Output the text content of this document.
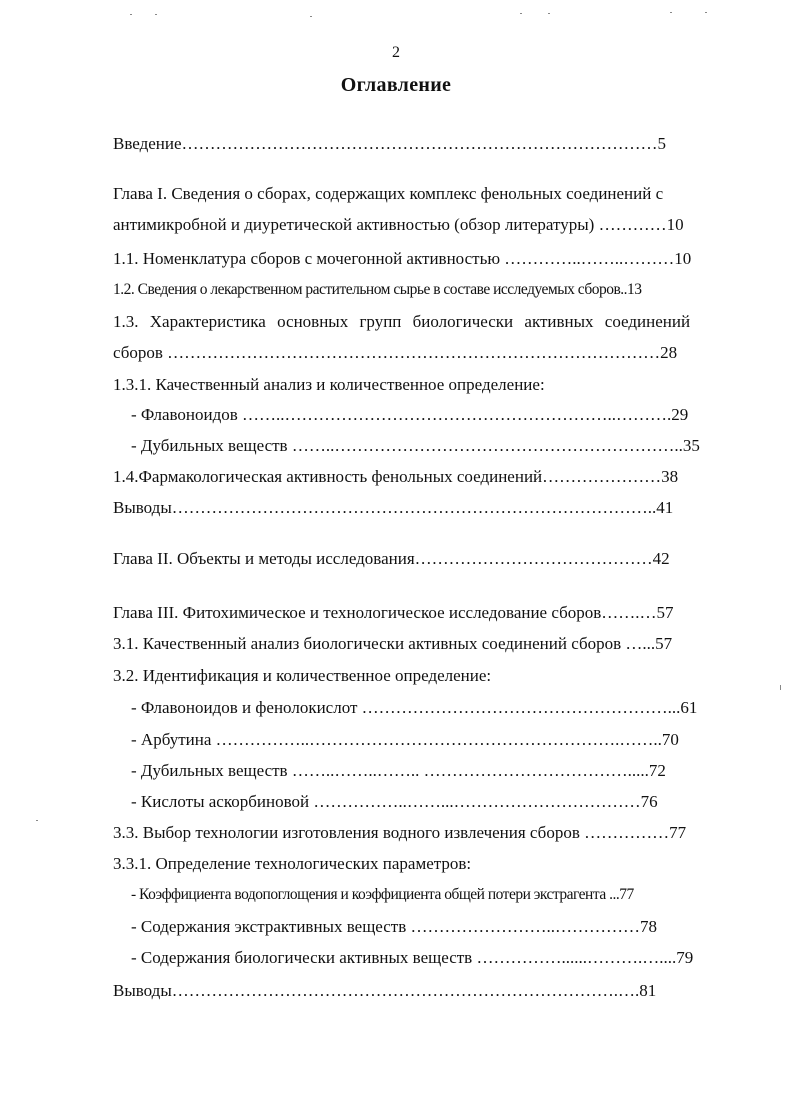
2
Оглавление
Введение…………………………………………………………………………5
Глава I. Сведения о сборах, содержащих комплекс фенольных соединений с
антимикробной и диуретической активностью (обзор литературы) …………10
1.1. Номенклатура сборов с мочегонной активностью …………..……..………10
1.2. Сведения о лекарственном растительном сырье в составе исследуемых сборов..13
1.3. Характеристика основных групп биологически активных соединений
сборов ……………………………………………………………………………28
1.3.1. Качественный анализ и количественное определение:
- Флавоноидов ……..…………………………………………………..……….29
- Дубильных веществ ……..……………………………………………………..35
1.4.Фармакологическая активность фенольных соединений…………………38
Выводы…………………………………………………………………………..41
Глава II. Объекты и методы исследования……………………………………42
Глава III. Фитохимическое и технологическое исследование сборов…….…57
3.1. Качественный анализ биологически активных соединений сборов …...57
3.2. Идентификация и количественное определение:
- Флавоноидов и фенолокислот ………………………………………………...61
- Арбутина ……………..……………………………………………….……..70
- Дубильных веществ ……..……..…….. ……………………………….....72
- Кислоты аскорбиновой ……………..……...……………………………76
3.3. Выбор технологии изготовления водного извлечения сборов ……………77
3.3.1. Определение технологических параметров:
- Коэффициента водопоглощения и коэффициента общей потери экстрагента ...77
- Содержания экстрактивных веществ ……………………..……………78
- Содержания биологически активных веществ ……………......……….…....79
Выводы…………………………………………………………………….….81
